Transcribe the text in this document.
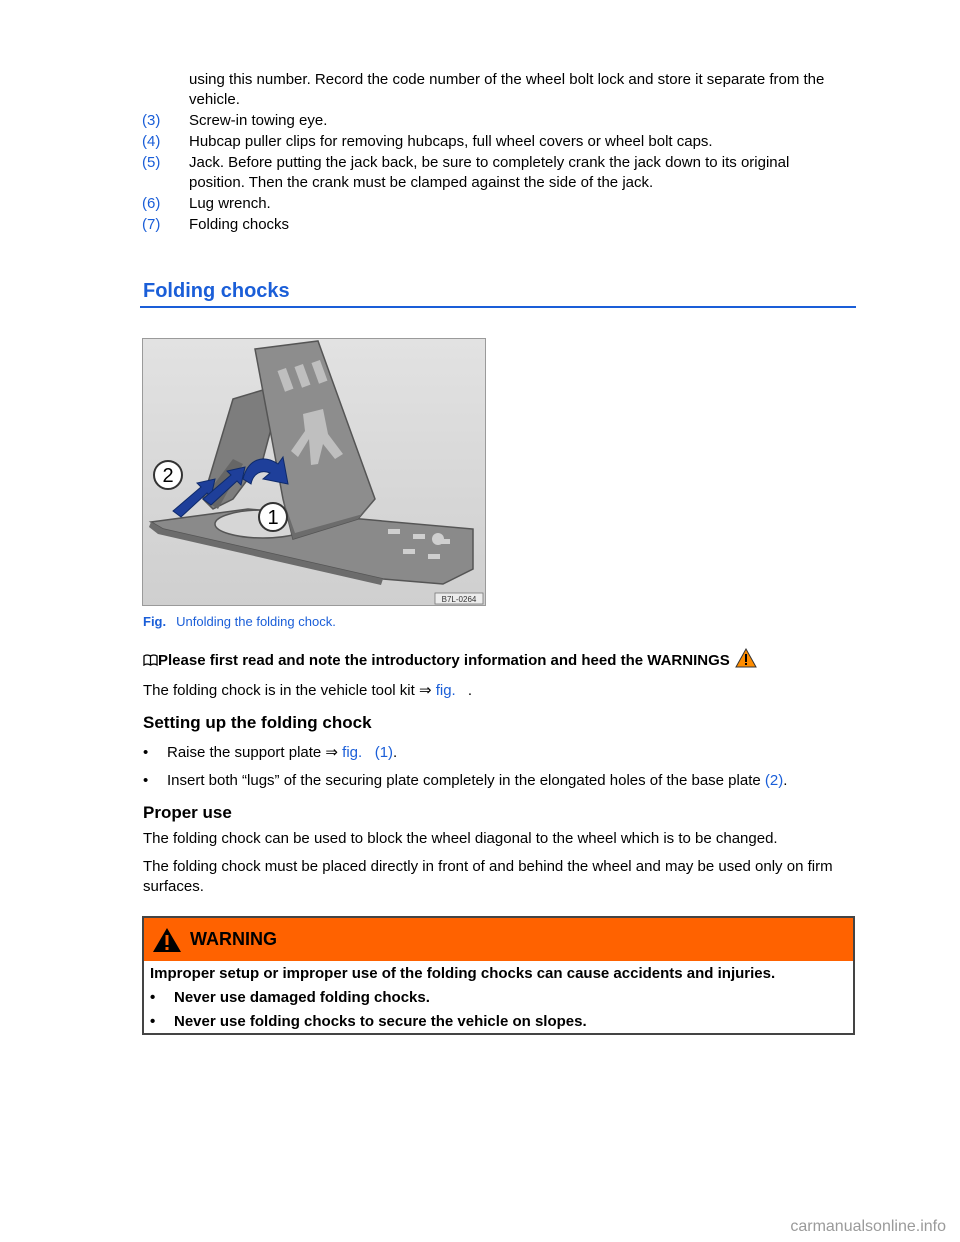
using this number. Record the code number of the wheel bolt lock and store it separate from the vehicle.
(3)	Screw-in towing eye.
(4)	Hubcap puller clips for removing hubcaps, full wheel covers or wheel bolt caps.
(5)	Jack. Before putting the jack back, be sure to completely crank the jack down to its original position. Then the crank must be clamped against the side of the jack.
(6)	Lug wrench.
(7)	Folding chocks
Folding chocks
2
1
B7L-0264
Fig. Unfolding the folding chock.
Please first read and note the introductory information and heed the WARNINGS
The folding chock is in the vehicle tool kit ⇒ fig. .
Setting up the folding chock
•	Raise the support plate ⇒ fig. (1).
•	Insert both “lugs” of the securing plate completely in the elongated holes of the base plate (2).
Proper use
The folding chock can be used to block the wheel diagonal to the wheel which is to be changed.
The folding chock must be placed directly in front of and behind the wheel and may be used only on firm surfaces.
WARNING
Improper setup or improper use of the folding chocks can cause accidents and injuries.
•	Never use damaged folding chocks.
•	Never use folding chocks to secure the vehicle on slopes.
carmanualsonline.info
